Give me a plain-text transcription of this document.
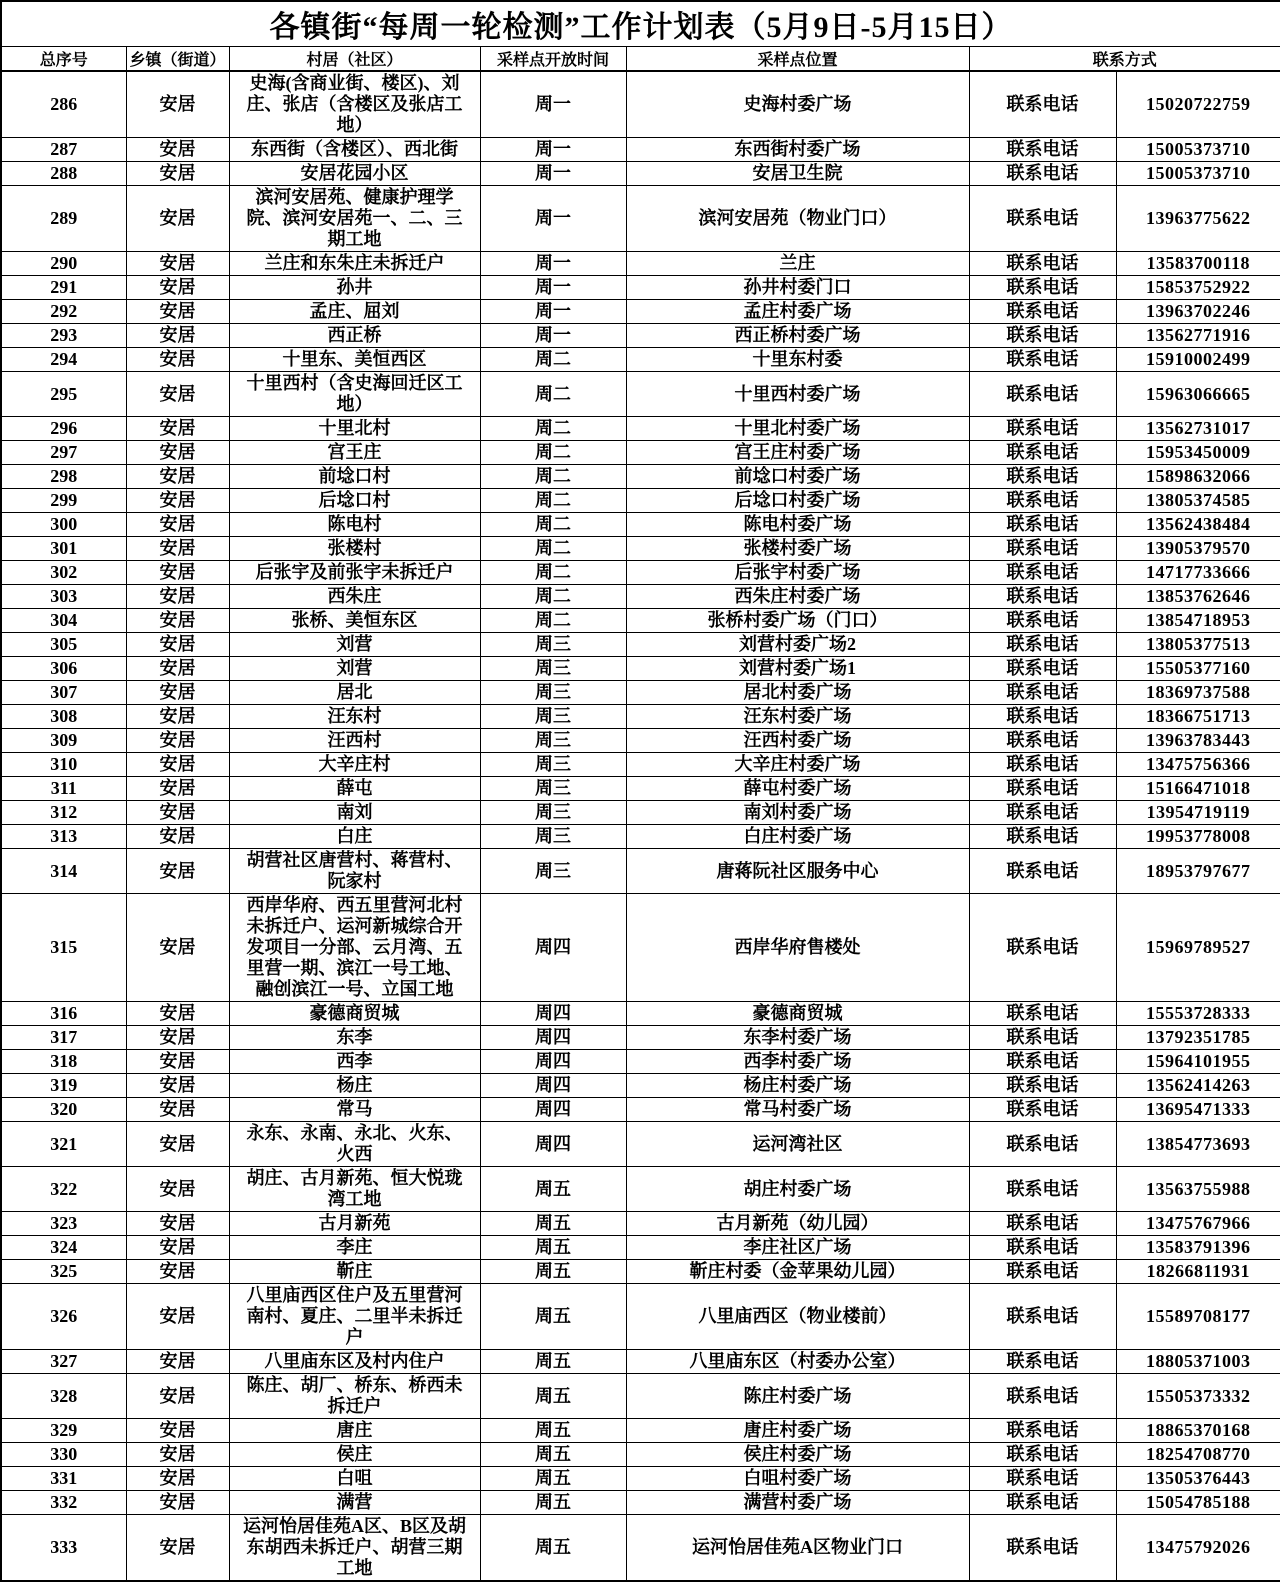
各镇街“每周一轮检测”工作计划表（5月9日-5月15日）						
总序号	乡镇（街道）	村居（社区）	采样点开放时间	采样点位置	联系方式	
286	安居	史海(含商业街、楼区)、刘庄、张店（含楼区及张店工地）	周一	史海村委广场	联系电话	15020722759
287	安居	东西街（含楼区）、西北街	周一	东西街村委广场	联系电话	15005373710
288	安居	安居花园小区	周一	安居卫生院	联系电话	15005373710
289	安居	滨河安居苑、健康护理学院、滨河安居苑一、二、三期工地	周一	滨河安居苑（物业门口）	联系电话	13963775622
290	安居	兰庄和东朱庄未拆迁户	周一	兰庄	联系电话	13583700118
291	安居	孙井	周一	孙井村委门口	联系电话	15853752922
292	安居	孟庄、屈刘	周一	孟庄村委广场	联系电话	13963702246
293	安居	西正桥	周一	西正桥村委广场	联系电话	13562771916
294	安居	十里东、美恒西区	周二	十里东村委	联系电话	15910002499
295	安居	十里西村（含史海回迁区工地）	周二	十里西村委广场	联系电话	15963066665
296	安居	十里北村	周二	十里北村委广场	联系电话	13562731017
297	安居	宫王庄	周二	宫王庄村委广场	联系电话	15953450009
298	安居	前埝口村	周二	前埝口村委广场	联系电话	15898632066
299	安居	后埝口村	周二	后埝口村委广场	联系电话	13805374585
300	安居	陈电村	周二	陈电村委广场	联系电话	13562438484
301	安居	张楼村	周二	张楼村委广场	联系电话	13905379570
302	安居	后张宇及前张宇未拆迁户	周二	后张宇村委广场	联系电话	14717733666
303	安居	西朱庄	周二	西朱庄村委广场	联系电话	13853762646
304	安居	张桥、美恒东区	周二	张桥村委广场（门口）	联系电话	13854718953
305	安居	刘营	周三	刘营村委广场2	联系电话	13805377513
306	安居	刘营	周三	刘营村委广场1	联系电话	15505377160
307	安居	居北	周三	居北村委广场	联系电话	18369737588
308	安居	汪东村	周三	汪东村委广场	联系电话	18366751713
309	安居	汪西村	周三	汪西村委广场	联系电话	13963783443
310	安居	大辛庄村	周三	大辛庄村委广场	联系电话	13475756366
311	安居	薛屯	周三	薛屯村委广场	联系电话	15166471018
312	安居	南刘	周三	南刘村委广场	联系电话	13954719119
313	安居	白庄	周三	白庄村委广场	联系电话	19953778008
314	安居	胡营社区唐营村、蒋营村、阮家村	周三	唐蒋阮社区服务中心	联系电话	18953797677
315	安居	西岸华府、西五里营河北村未拆迁户、运河新城综合开发项目一分部、云月湾、五里营一期、滨江一号工地、融创滨江一号、立国工地	周四	西岸华府售楼处	联系电话	15969789527
316	安居	豪德商贸城	周四	豪德商贸城	联系电话	15553728333
317	安居	东李	周四	东李村委广场	联系电话	13792351785
318	安居	西李	周四	西李村委广场	联系电话	15964101955
319	安居	杨庄	周四	杨庄村委广场	联系电话	13562414263
320	安居	常马	周四	常马村委广场	联系电话	13695471333
321	安居	永东、永南、永北、火东、火西	周四	运河湾社区	联系电话	13854773693
322	安居	胡庄、古月新苑、恒大悦珑湾工地	周五	胡庄村委广场	联系电话	13563755988
323	安居	古月新苑	周五	古月新苑（幼儿园）	联系电话	13475767966
324	安居	李庄	周五	李庄社区广场	联系电话	13583791396
325	安居	靳庄	周五	靳庄村委（金苹果幼儿园）	联系电话	18266811931
326	安居	八里庙西区住户及五里营河南村、夏庄、二里半未拆迁户	周五	八里庙西区（物业楼前）	联系电话	15589708177
327	安居	八里庙东区及村内住户	周五	八里庙东区（村委办公室）	联系电话	18805371003
328	安居	陈庄、胡厂、桥东、桥西未拆迁户	周五	陈庄村委广场	联系电话	15505373332
329	安居	唐庄	周五	唐庄村委广场	联系电话	18865370168
330	安居	侯庄	周五	侯庄村委广场	联系电话	18254708770
331	安居	白咀	周五	白咀村委广场	联系电话	13505376443
332	安居	满营	周五	满营村委广场	联系电话	15054785188
333	安居	运河怡居佳苑A区、B区及胡东胡西未拆迁户、胡营三期工地	周五	运河怡居佳苑A区物业门口	联系电话	13475792026
